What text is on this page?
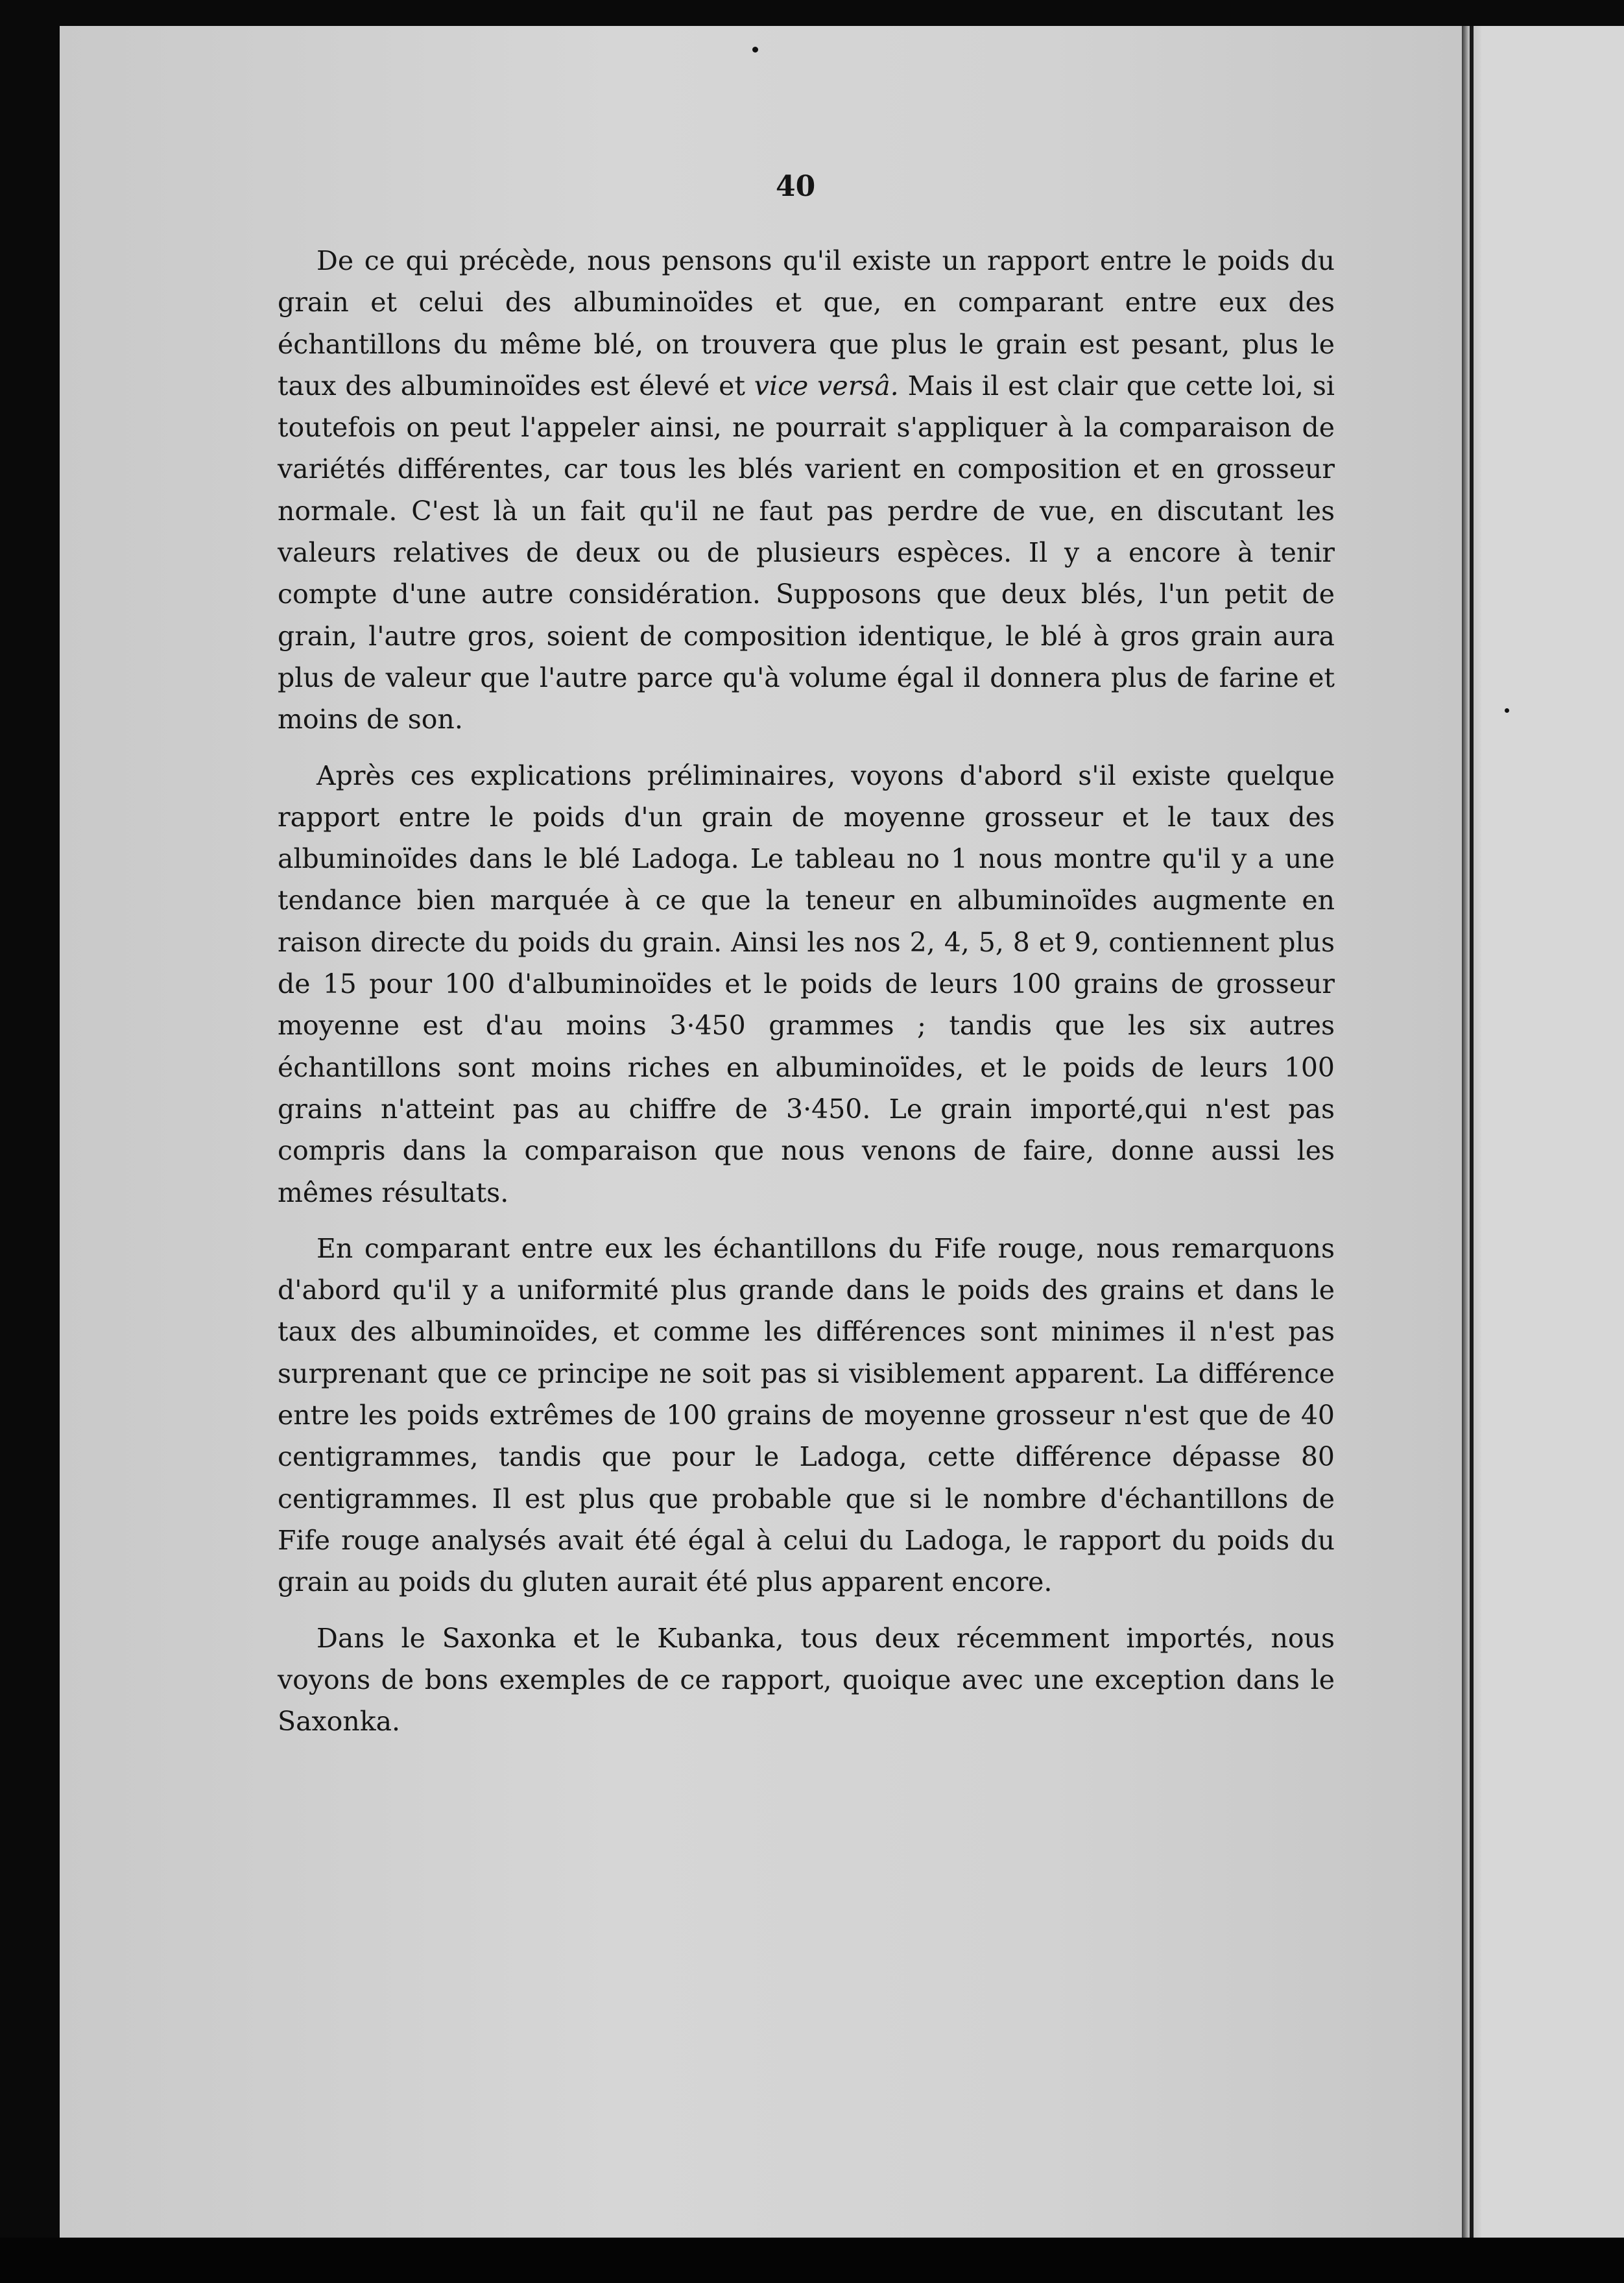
40

De ce qui précède, nous pensons qu'il existe un rapport entre le poids du grain et celui des albuminoïdes et que, en comparant entre eux des échantillons du même blé, on trouvera que plus le grain est pesant, plus le taux des albuminoïdes est élevé et vice versâ. Mais il est clair que cette loi, si toutefois on peut l'appeler ainsi, ne pourrait s'appliquer à la comparaison de variétés différentes, car tous les blés varient en composition et en grosseur normale. C'est là un fait qu'il ne faut pas perdre de vue, en discutant les valeurs relatives de deux ou de plusieurs espèces. Il y a encore à tenir compte d'une autre considération. Supposons que deux blés, l'un petit de grain, l'autre gros, soient de composition identique, le blé à gros grain aura plus de valeur que l'autre parce qu'à volume égal il donnera plus de farine et moins de son.

Après ces explications préliminaires, voyons d'abord s'il existe quelque rapport entre le poids d'un grain de moyenne grosseur et le taux des albuminoïdes dans le blé Ladoga. Le tableau no 1 nous montre qu'il y a une tendance bien marquée à ce que la teneur en albuminoïdes augmente en raison directe du poids du grain. Ainsi les nos 2, 4, 5, 8 et 9, contiennent plus de 15 pour 100 d'albuminoïdes et le poids de leurs 100 grains de grosseur moyenne est d'au moins 3·450 grammes ; tandis que les six autres échantillons sont moins riches en albuminoïdes, et le poids de leurs 100 grains n'atteint pas au chiffre de 3·450. Le grain importé,qui n'est pas compris dans la comparaison que nous venons de faire, donne aussi les mêmes résultats.

En comparant entre eux les échantillons du Fife rouge, nous remarquons d'abord qu'il y a uniformité plus grande dans le poids des grains et dans le taux des albuminoïdes, et comme les différences sont minimes il n'est pas surprenant que ce principe ne soit pas si visiblement apparent. La différence entre les poids extrêmes de 100 grains de moyenne grosseur n'est que de 40 centigrammes, tandis que pour le Ladoga, cette différence dépasse 80 centigrammes. Il est plus que probable que si le nombre d'échantillons de Fife rouge analysés avait été égal à celui du Ladoga, le rapport du poids du grain au poids du gluten aurait été plus apparent encore.

Dans le Saxonka et le Kubanka, tous deux récemment importés, nous voyons de bons exemples de ce rapport, quoique avec une exception dans le Saxonka.
